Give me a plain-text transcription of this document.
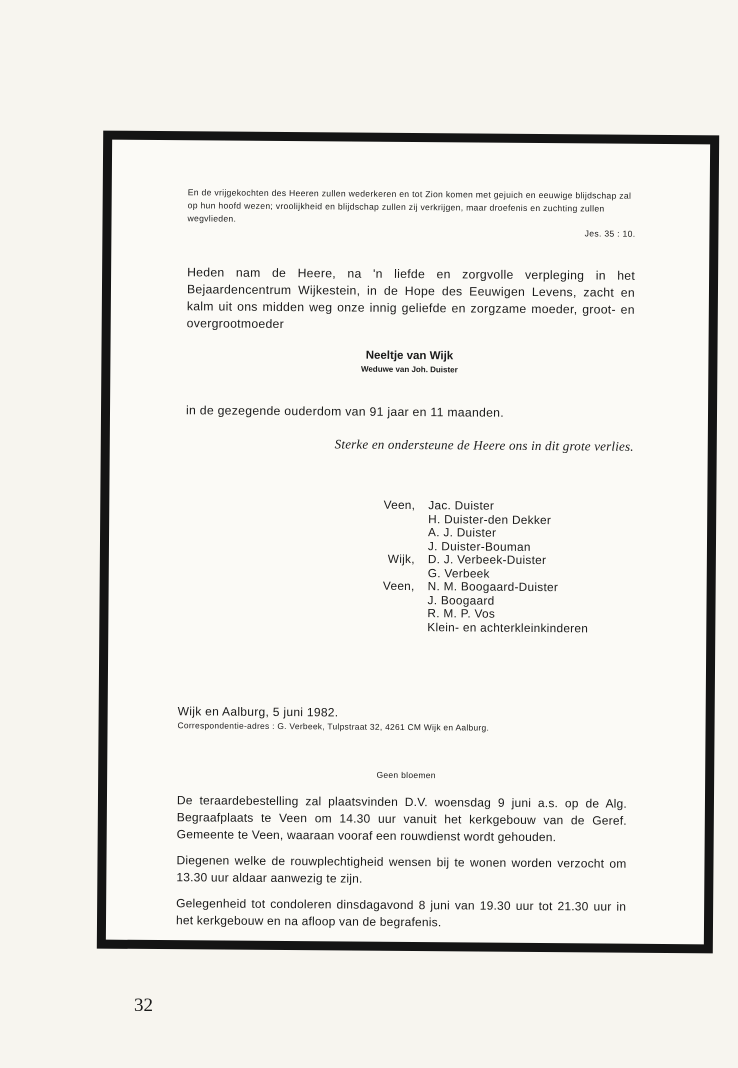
En de vrijgekochten des Heeren zullen wederkeren en tot Zion komen met gejuich en eeuwige blijdschap zal op hun hoofd wezen; vroolijkheid en blijdschap zullen zij verkrijgen, maar droefenis en zuchting zullen wegvlieden.

Jes. 35 : 10.

Heden nam de Heere, na 'n liefde en zorgvolle verpleging in het Bejaardencentrum Wijkestein, in de Hope des Eeuwigen Levens, zacht en kalm uit ons midden weg onze innig geliefde en zorgzame moeder, groot- en overgrootmoeder
Neeltje van Wijk
Weduwe van Joh. Duister
in de gezegende ouderdom van 91 jaar en 11 maanden.
Sterke en ondersteune de Heere ons in dit grote verlies.
Veen,	Jac. Duister
H. Duister-den Dekker
A. J. Duister
J. Duister-Bouman
Wijk,	D. J. Verbeek-Duister
G. Verbeek
Veen,	N. M. Boogaard-Duister
J. Boogaard
R. M. P. Vos
Klein- en achterkleinkinderen
Wijk en Aalburg, 5 juni 1982.
Correspondentie-adres : G. Verbeek, Tulpstraat 32, 4261 CM Wijk en Aalburg.
Geen bloemen

De teraardebestelling zal plaatsvinden D.V. woensdag 9 juni a.s. op de Alg. Begraafplaats te Veen om 14.30 uur vanuit het kerkgebouw van de Geref. Gemeente te Veen, waaraan vooraf een rouwdienst wordt gehouden.

Diegenen welke de rouwplechtigheid wensen bij te wonen worden verzocht om 13.30 uur aldaar aanwezig te zijn.

Gelegenheid tot condoleren dinsdagavond 8 juni van 19.30 uur tot 21.30 uur in het kerkgebouw en na afloop van de begrafenis.

32
